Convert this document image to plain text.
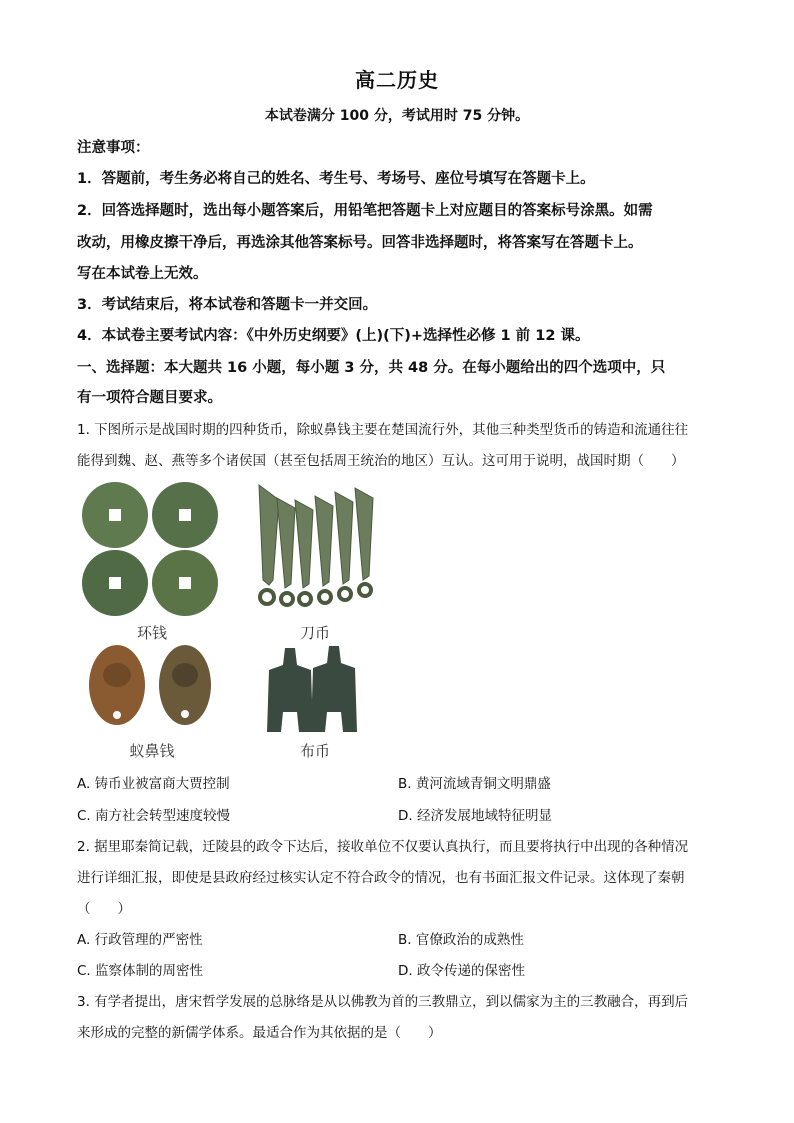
高二历史
本试卷满分 100 分，考试用时 75 分钟。
注意事项：
1．答题前，考生务必将自己的姓名、考生号、考场号、座位号填写在答题卡上。
2．回答选择题时，选出每小题答案后，用铅笔把答题卡上对应题目的答案标号涂黑。如需
改动，用橡皮擦干净后，再选涂其他答案标号。回答非选择题时，将答案写在答题卡上。
写在本试卷上无效。
3．考试结束后，将本试卷和答题卡一并交回。
4．本试卷主要考试内容：《中外历史纲要》(上)(下)+选择性必修 1 前 12 课。
一、选择题：本大题共 16 小题，每小题 3 分，共 48 分。在每小题给出的四个选项中，只
有一项符合题目要求。
1. 下图所示是战国时期的四种货币，除蚁鼻钱主要在楚国流行外，其他三种类型货币的铸造和流通往往
能得到魏、赵、燕等多个诸侯国（甚至包括周王统治的地区）互认。这可用于说明，战国时期（　　）
环钱	刀币
蚁鼻钱	布币
A. 铸币业被富商大贾控制	B. 黄河流域青铜文明鼎盛
C. 南方社会转型速度较慢	D. 经济发展地域特征明显
2. 据里耶秦简记载，迁陵县的政令下达后，接收单位不仅要认真执行，而且要将执行中出现的各种情况
进行详细汇报，即使是县政府经过核实认定不符合政令的情况，也有书面汇报文件记录。这体现了秦朝
（　　）
A. 行政管理的严密性	B. 官僚政治的成熟性
C. 监察体制的周密性	D. 政令传递的保密性
3. 有学者提出，唐宋哲学发展的总脉络是从以佛教为首的三教鼎立，到以儒家为主的三教融合，再到后
来形成的完整的新儒学体系。最适合作为其依据的是（　　）
